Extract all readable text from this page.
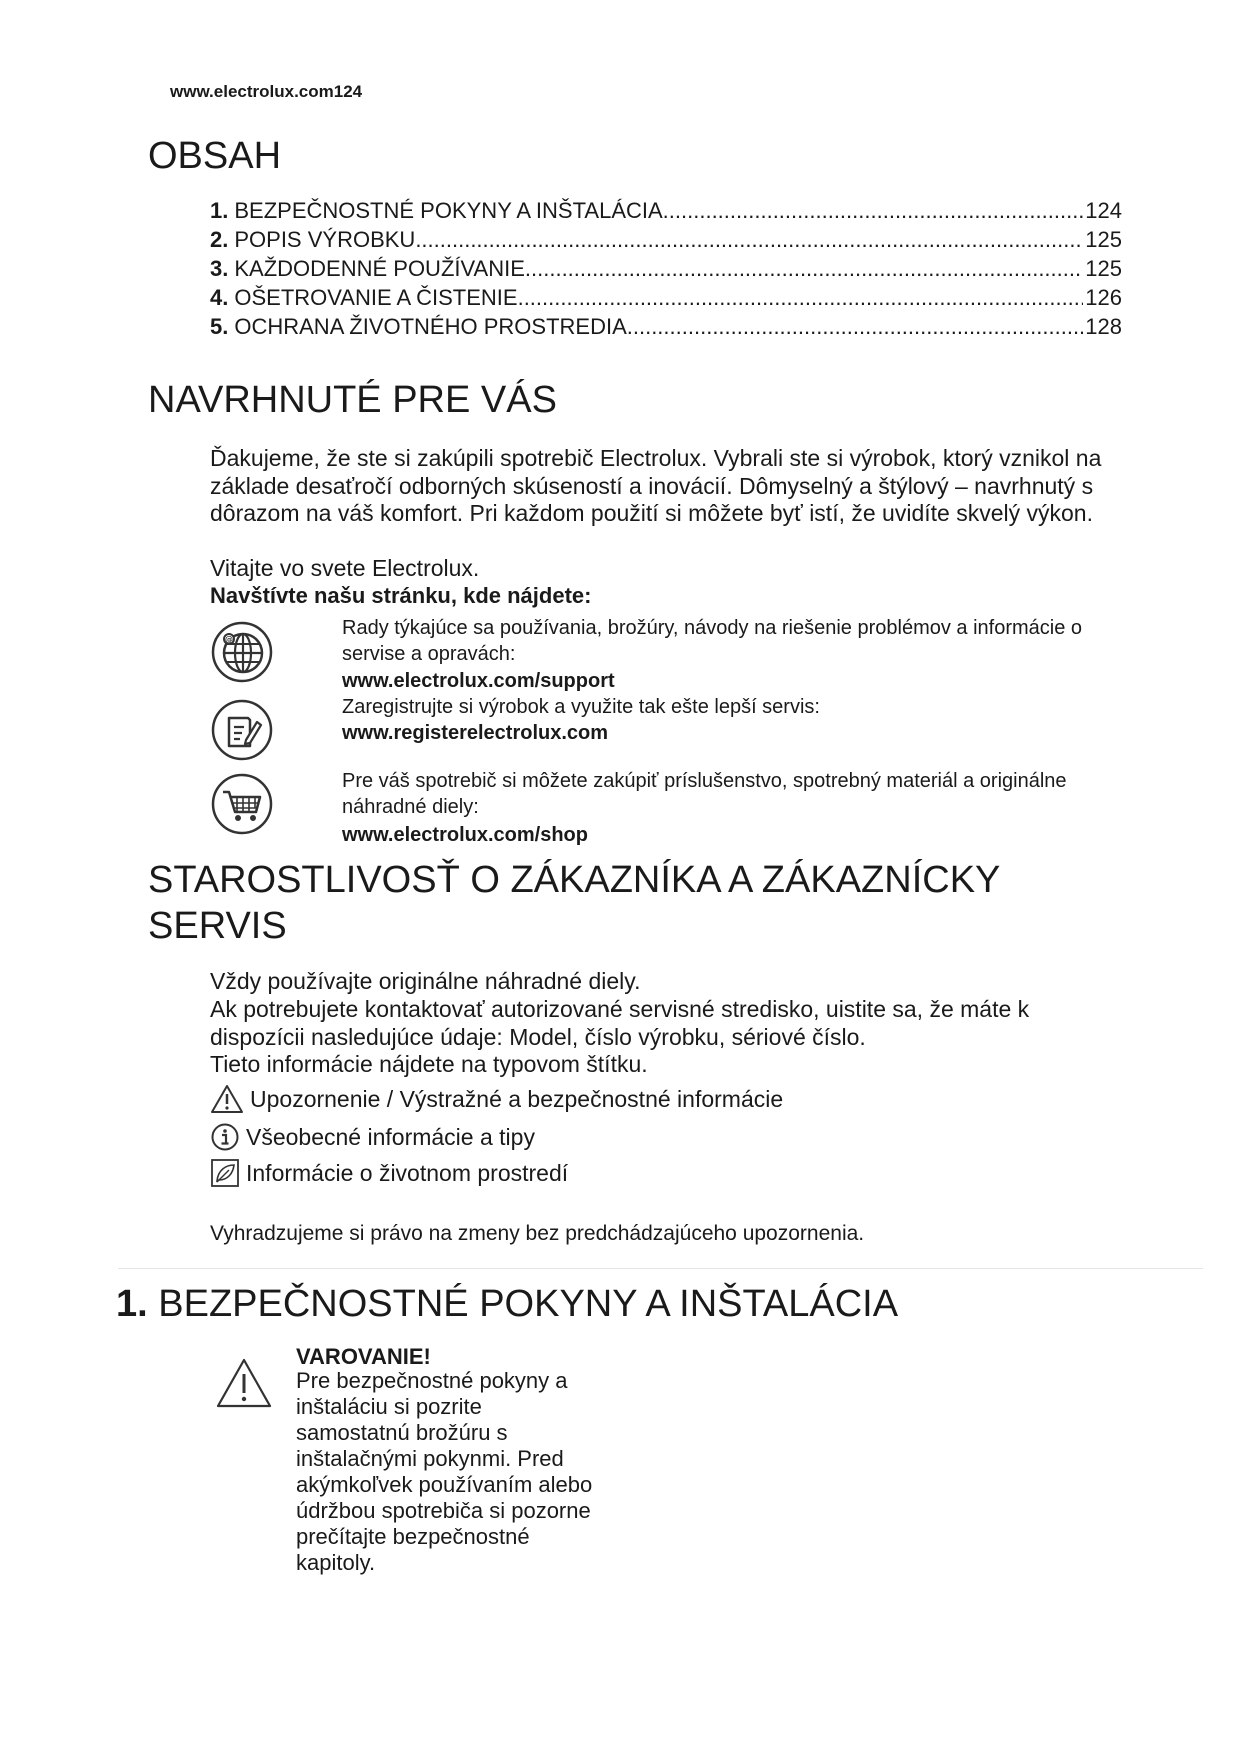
www.electrolux.com124
OBSAH
1. BEZPEČNOSTNÉ POKYNY A INŠTALÁCIA .....	124
2. POPIS VÝROBKU .....	125
3. KAŽDODENNÉ POUŽÍVANIE .....	125
4. OŠETROVANIE A ČISTENIE .....	126
5. OCHRANA ŽIVOTNÉHO PROSTREDIA .....	128
NAVRHNUTÉ PRE VÁS
Ďakujeme, že ste si zakúpili spotrebič Electrolux. Vybrali ste si výrobok, ktorý vznikol na základe desaťročí odborných skúseností a inovácií. Dômyselný a štýlový – navrhnutý s dôrazom na váš komfort. Pri každom použití si môžete byť istí, že uvidíte skvelý výkon.
Vitajte vo svete Electrolux.
Navštívte našu stránku, kde nájdete:
@
Rady týkajúce sa používania, brožúry, návody na riešenie problémov a informácie o servise a opravách:
www.electrolux.com/support
Zaregistrujte si výrobok a využite tak ešte lepší servis:
www.registerelectrolux.com
Pre váš spotrebič si môžete zakúpiť príslušenstvo, spotrebný materiál a originálne náhradné diely:
www.electrolux.com/shop
STAROSTLIVOSŤ O ZÁKAZNÍKA A ZÁKAZNÍCKY
SERVIS
Vždy používajte originálne náhradné diely.
Ak potrebujete kontaktovať autorizované servisné stredisko, uistite sa, že máte k dispozícii nasledujúce údaje: Model, číslo výrobku, sériové číslo.
Tieto informácie nájdete na typovom štítku.
Upozornenie / Výstražné a bezpečnostné informácie
Všeobecné informácie a tipy
Informácie o životnom prostredí
Vyhradzujeme si právo na zmeny bez predchádzajúceho upozornenia.
1. BEZPEČNOSTNÉ POKYNY A INŠTALÁCIA
VAROVANIE!
Pre bezpečnostné pokyny a inštaláciu si pozrite samostatnú brožúru s inštalačnými pokynmi. Pred akýmkoľvek používaním alebo údržbou spotrebiča si pozorne prečítajte bezpečnostné kapitoly.
